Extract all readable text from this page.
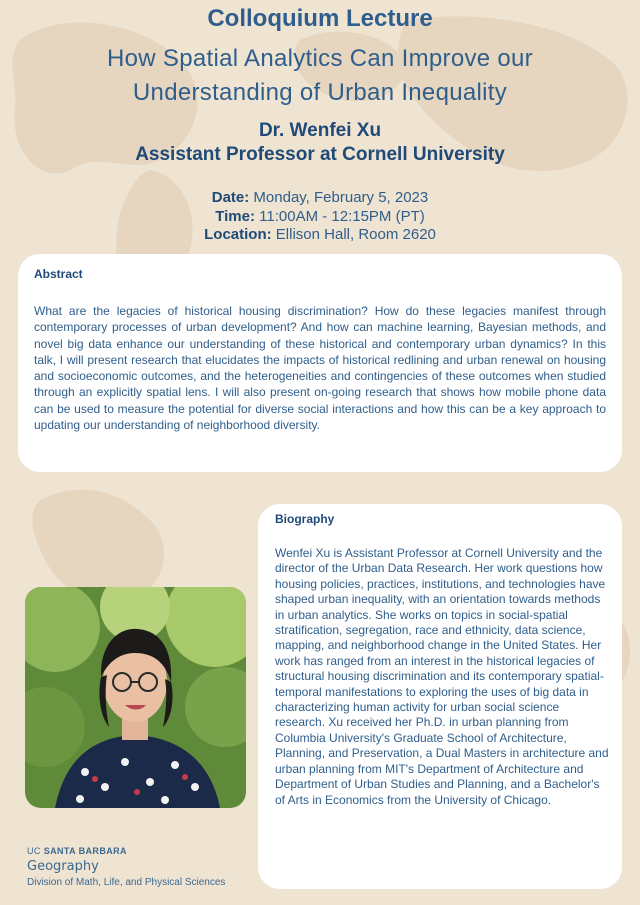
Colloquium Lecture
How Spatial Analytics Can Improve our Understanding of Urban Inequality
Dr. Wenfei Xu
Assistant Professor at Cornell University
Date: Monday, February 5, 2023
Time: 11:00AM - 12:15PM (PT)
Location: Ellison Hall, Room 2620
Abstract
What are the legacies of historical housing discrimination? How do these legacies manifest through contemporary processes of urban development? And how can machine learning, Bayesian methods, and novel big data enhance our understanding of these historical and contemporary urban dynamics? In this talk, I will present research that elucidates the impacts of historical redlining and urban renewal on housing and socioeconomic outcomes, and the heterogeneities and contingencies of these outcomes when studied through an explicitly spatial lens. I will also present on-going research that shows how mobile phone data can be used to measure the potential for diverse social interactions and how this can be a key approach to updating our understanding of neighborhood diversity.
Biography
Wenfei Xu is Assistant Professor at Cornell University and the director of the Urban Data Research. Her work questions how housing policies, practices, institutions, and technologies have shaped urban inequality, with an orientation towards methods in urban analytics. She works on topics in social-spatial stratification, segregation, race and ethnicity, data science, mapping, and neighborhood change in the United States. Her work has ranged from an interest in the historical legacies of structural housing discrimination and its contemporary spatial-temporal manifestations to exploring the uses of big data in characterizing human activity for urban social science research. Xu received her Ph.D. in urban planning from Columbia University's Graduate School of Architecture, Planning, and Preservation, a Dual Masters in architecture and urban planning from MIT's Department of Architecture and Department of Urban Studies and Planning, and a Bachelor's of Arts in Economics from the University of Chicago.
UC SANTA BARBARA
Geography
Division of Math, Life, and Physical Sciences
